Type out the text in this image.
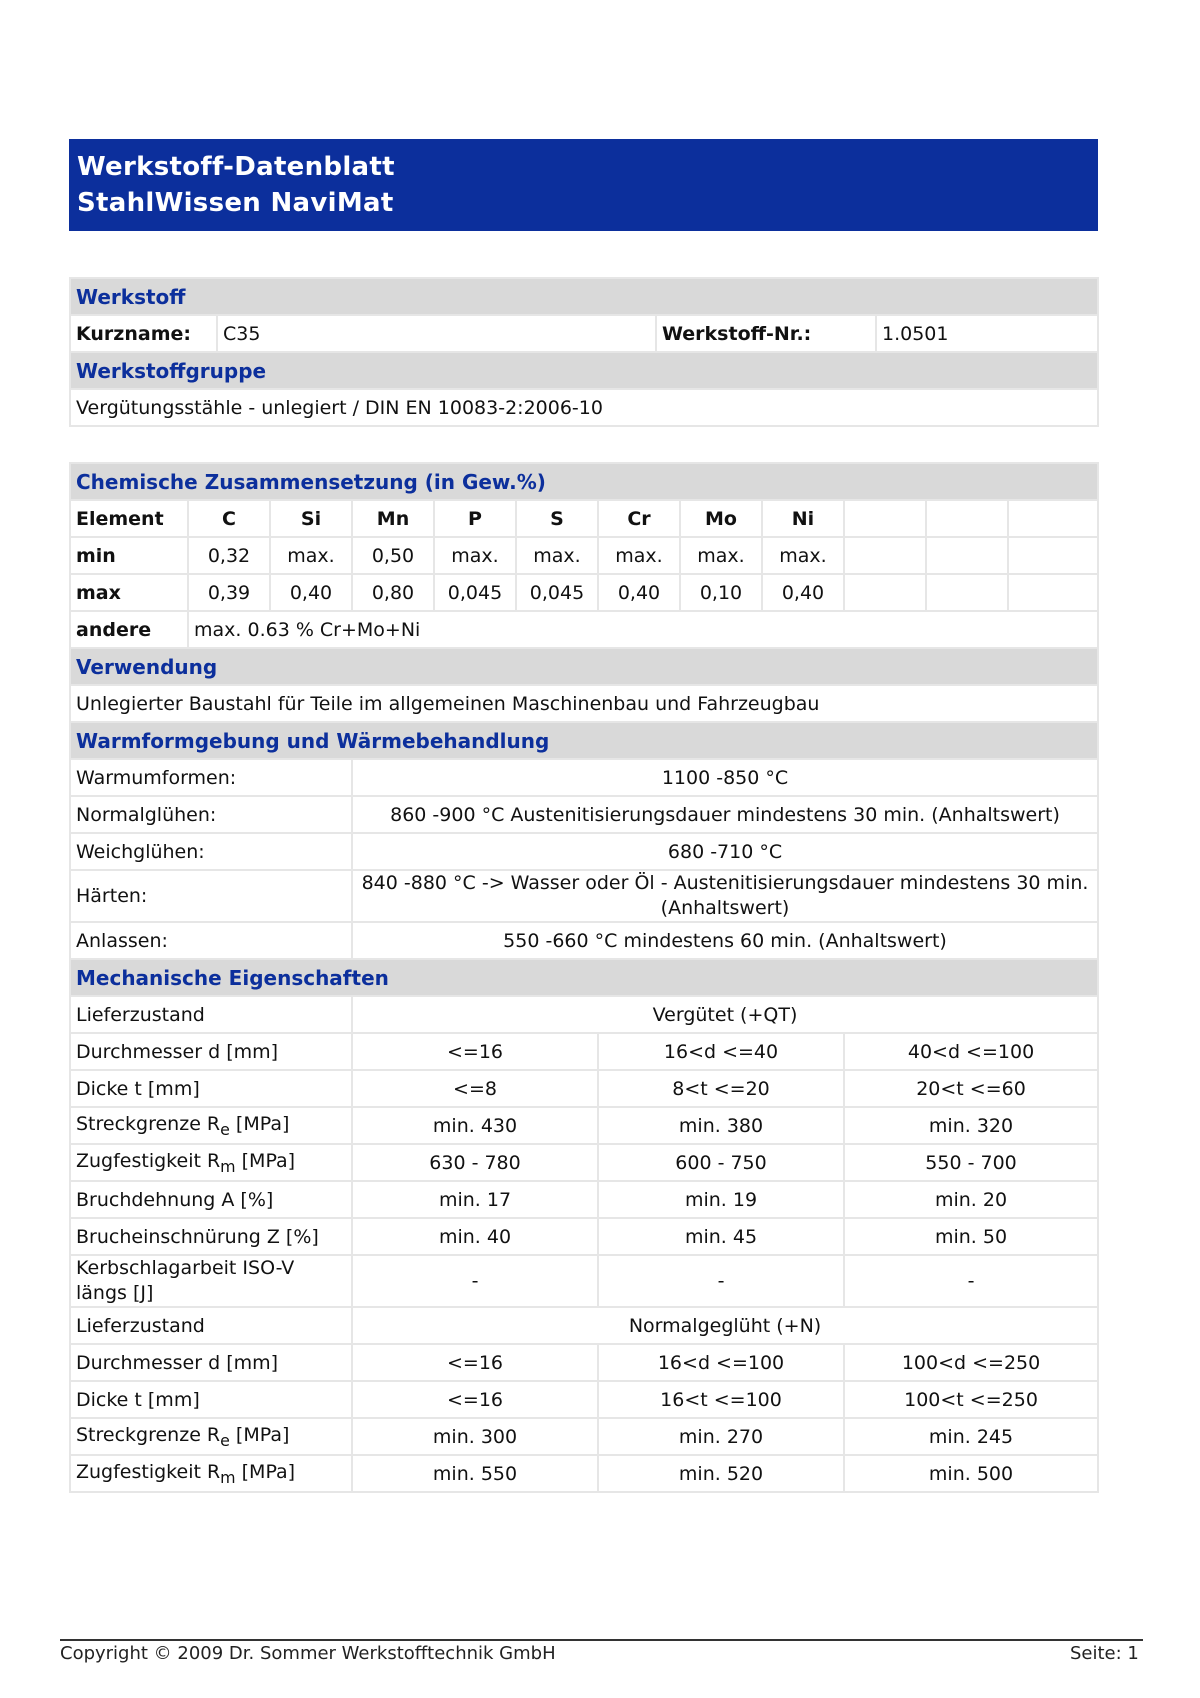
Werkstoff-Datenblatt
StahlWissen NaviMat
Werkstoff
Kurzname:	C35	Werkstoff-Nr.:	1.0501
Werkstoffgruppe
Vergütungsstähle - unlegiert / DIN EN 10083-2:2006-10
Chemische Zusammensetzung (in Gew.%)											
Element	C	Si	Mn	P	S	Cr	Mo	Ni			
min	0,32	max.	0,50	max.	max.	max.	max.	max.			
max	0,39	0,40	0,80	0,045	0,045	0,40	0,10	0,40			
andere	max. 0.63 % Cr+Mo+Ni										
Verwendung											
Unlegierter Baustahl für Teile im allgemeinen Maschinenbau und Fahrzeugbau											
Warmformgebung und Wärmebehandlung											
Warmumformen:			1100 -850 °C								
Normalglühen:			860 -900 °C Austenitisierungsdauer mindestens 30 min. (Anhaltswert)								
Weichglühen:			680 -710 °C								
Härten:			840 -880 °C -> Wasser oder Öl - Austenitisierungsdauer mindestens 30 min. (Anhaltswert)								
Anlassen:			550 -660 °C mindestens 60 min. (Anhaltswert)								
Mechanische Eigenschaften											
Lieferzustand			Vergütet (+QT)								
Durchmesser d [mm]			<=16			16<d <=40			40<d <=100		
Dicke t [mm]			<=8			8<t <=20			20<t <=60		
Streckgrenze $R_e$ [MPa]			min. 430			min. 380			min. 320		
Zugfestigkeit $R_m$ [MPa]			630 - 780			600 - 750			550 - 700		
Bruchdehnung A [%]			min. 17			min. 19			min. 20		
Brucheinschnürung Z [%]			min. 40			min. 45			min. 50		
Kerbschlagarbeit ISO-V längs [J]			-			-			-		
Lieferzustand			Normalgeglüht (+N)								
Durchmesser d [mm]			<=16			16<d <=100			100<d <=250		
Dicke t [mm]			<=16			16<t <=100			100<t <=250		
Streckgrenze $R_e$ [MPa]			min. 300			min. 270			min. 245		
Zugfestigkeit $R_m$ [MPa]			min. 550			min. 520			min. 500		
Copyright © 2009 Dr. Sommer Werkstofftechnik GmbH	Seite: 1
